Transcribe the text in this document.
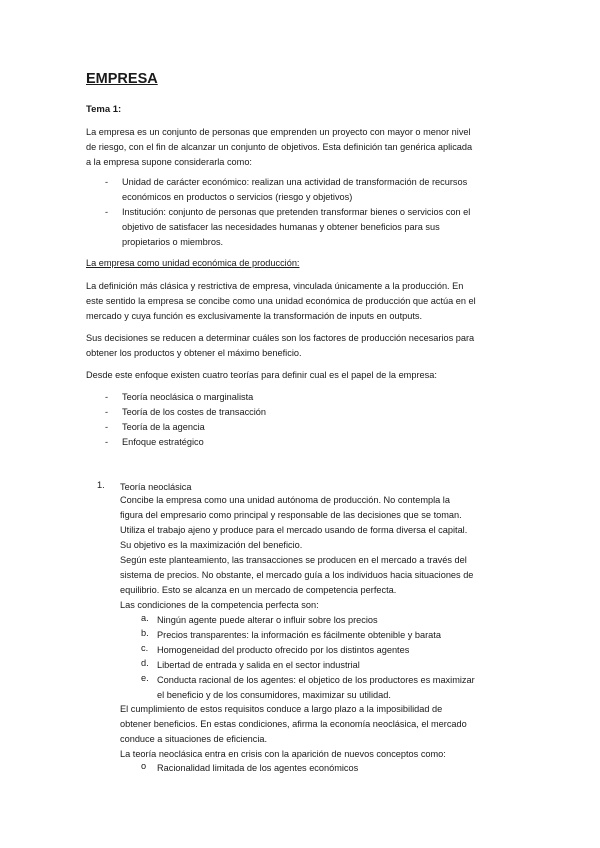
EMPRESA
Tema 1:
La empresa es un conjunto de personas que emprenden un proyecto con mayor o menor nivel
de riesgo, con el fin de alcanzar un conjunto de objetivos. Esta definición tan genérica aplicada
a la empresa supone considerarla como:
- Unidad de carácter económico: realizan una actividad de transformación de recursos
económicos en productos o servicios (riesgo y objetivos)
- Institución: conjunto de personas que pretenden transformar bienes o servicios con el
objetivo de satisfacer las necesidades humanas y obtener beneficios para sus
propietarios o miembros.
La empresa como unidad económica de producción:
La definición más clásica y restrictiva de empresa, vinculada únicamente a la producción. En
este sentido la empresa se concibe como una unidad económica de producción que actúa en el
mercado y cuya función es exclusivamente la transformación de inputs en outputs.
Sus decisiones se reducen a determinar cuáles son los factores de producción necesarios para
obtener los productos y obtener el máximo beneficio.
Desde este enfoque existen cuatro teorías para definir cual es el papel de la empresa:
- Teoría neoclásica o marginalista
- Teoría de los costes de transacción
- Teoría de la agencia
- Enfoque estratégico
1. Teoría neoclásica
Concibe la empresa como una unidad autónoma de producción. No contempla la
figura del empresario como principal y responsable de las decisiones que se toman.
Utiliza el trabajo ajeno y produce para el mercado usando de forma diversa el capital.
Su objetivo es la maximización del beneficio.
Según este planteamiento, las transacciones se producen en el mercado a través del
sistema de precios. No obstante, el mercado guía a los individuos hacia situaciones de
equilibrio. Esto se alcanza en un mercado de competencia perfecta.
Las condiciones de la competencia perfecta son:
a. Ningún agente puede alterar o influir sobre los precios
b. Precios transparentes: la información es fácilmente obtenible y barata
c. Homogeneidad del producto ofrecido por los distintos agentes
d. Libertad de entrada y salida en el sector industrial
e. Conducta racional de los agentes: el objetico de los productores es maximizar
el beneficio y de los consumidores, maximizar su utilidad.
El cumplimiento de estos requisitos conduce a largo plazo a la imposibilidad de
obtener beneficios. En estas condiciones, afirma la economía neoclásica, el mercado
conduce a situaciones de eficiencia.
La teoría neoclásica entra en crisis con la aparición de nuevos conceptos como:
o Racionalidad limitada de los agentes económicos
